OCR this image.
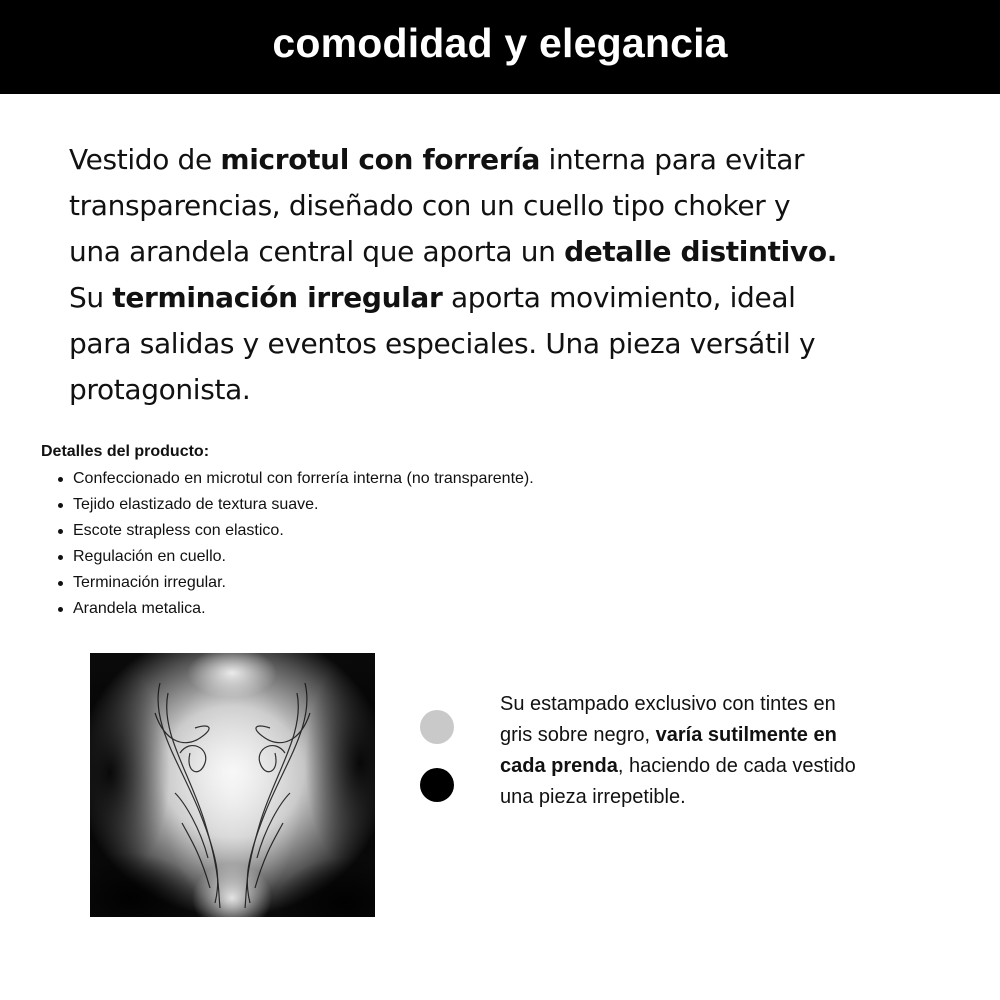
comodidad y elegancia
Vestido de microtul con forrería interna para evitar
transparencias, diseñado con un cuello tipo choker y
una arandela central que aporta un detalle distintivo.
Su terminación irregular aporta movimiento, ideal
para salidas y eventos especiales. Una pieza versátil y
protagonista.
Detalles del producto:
Confeccionado en microtul con forrería interna (no transparente).
Tejido elastizado de textura suave.
Escote strapless con elastico.
Regulación en cuello.
Terminación irregular.
Arandela metalica.
Su estampado exclusivo con tintes en
gris sobre negro, varía sutilmente en
cada prenda, haciendo de cada vestido
una pieza irrepetible.
